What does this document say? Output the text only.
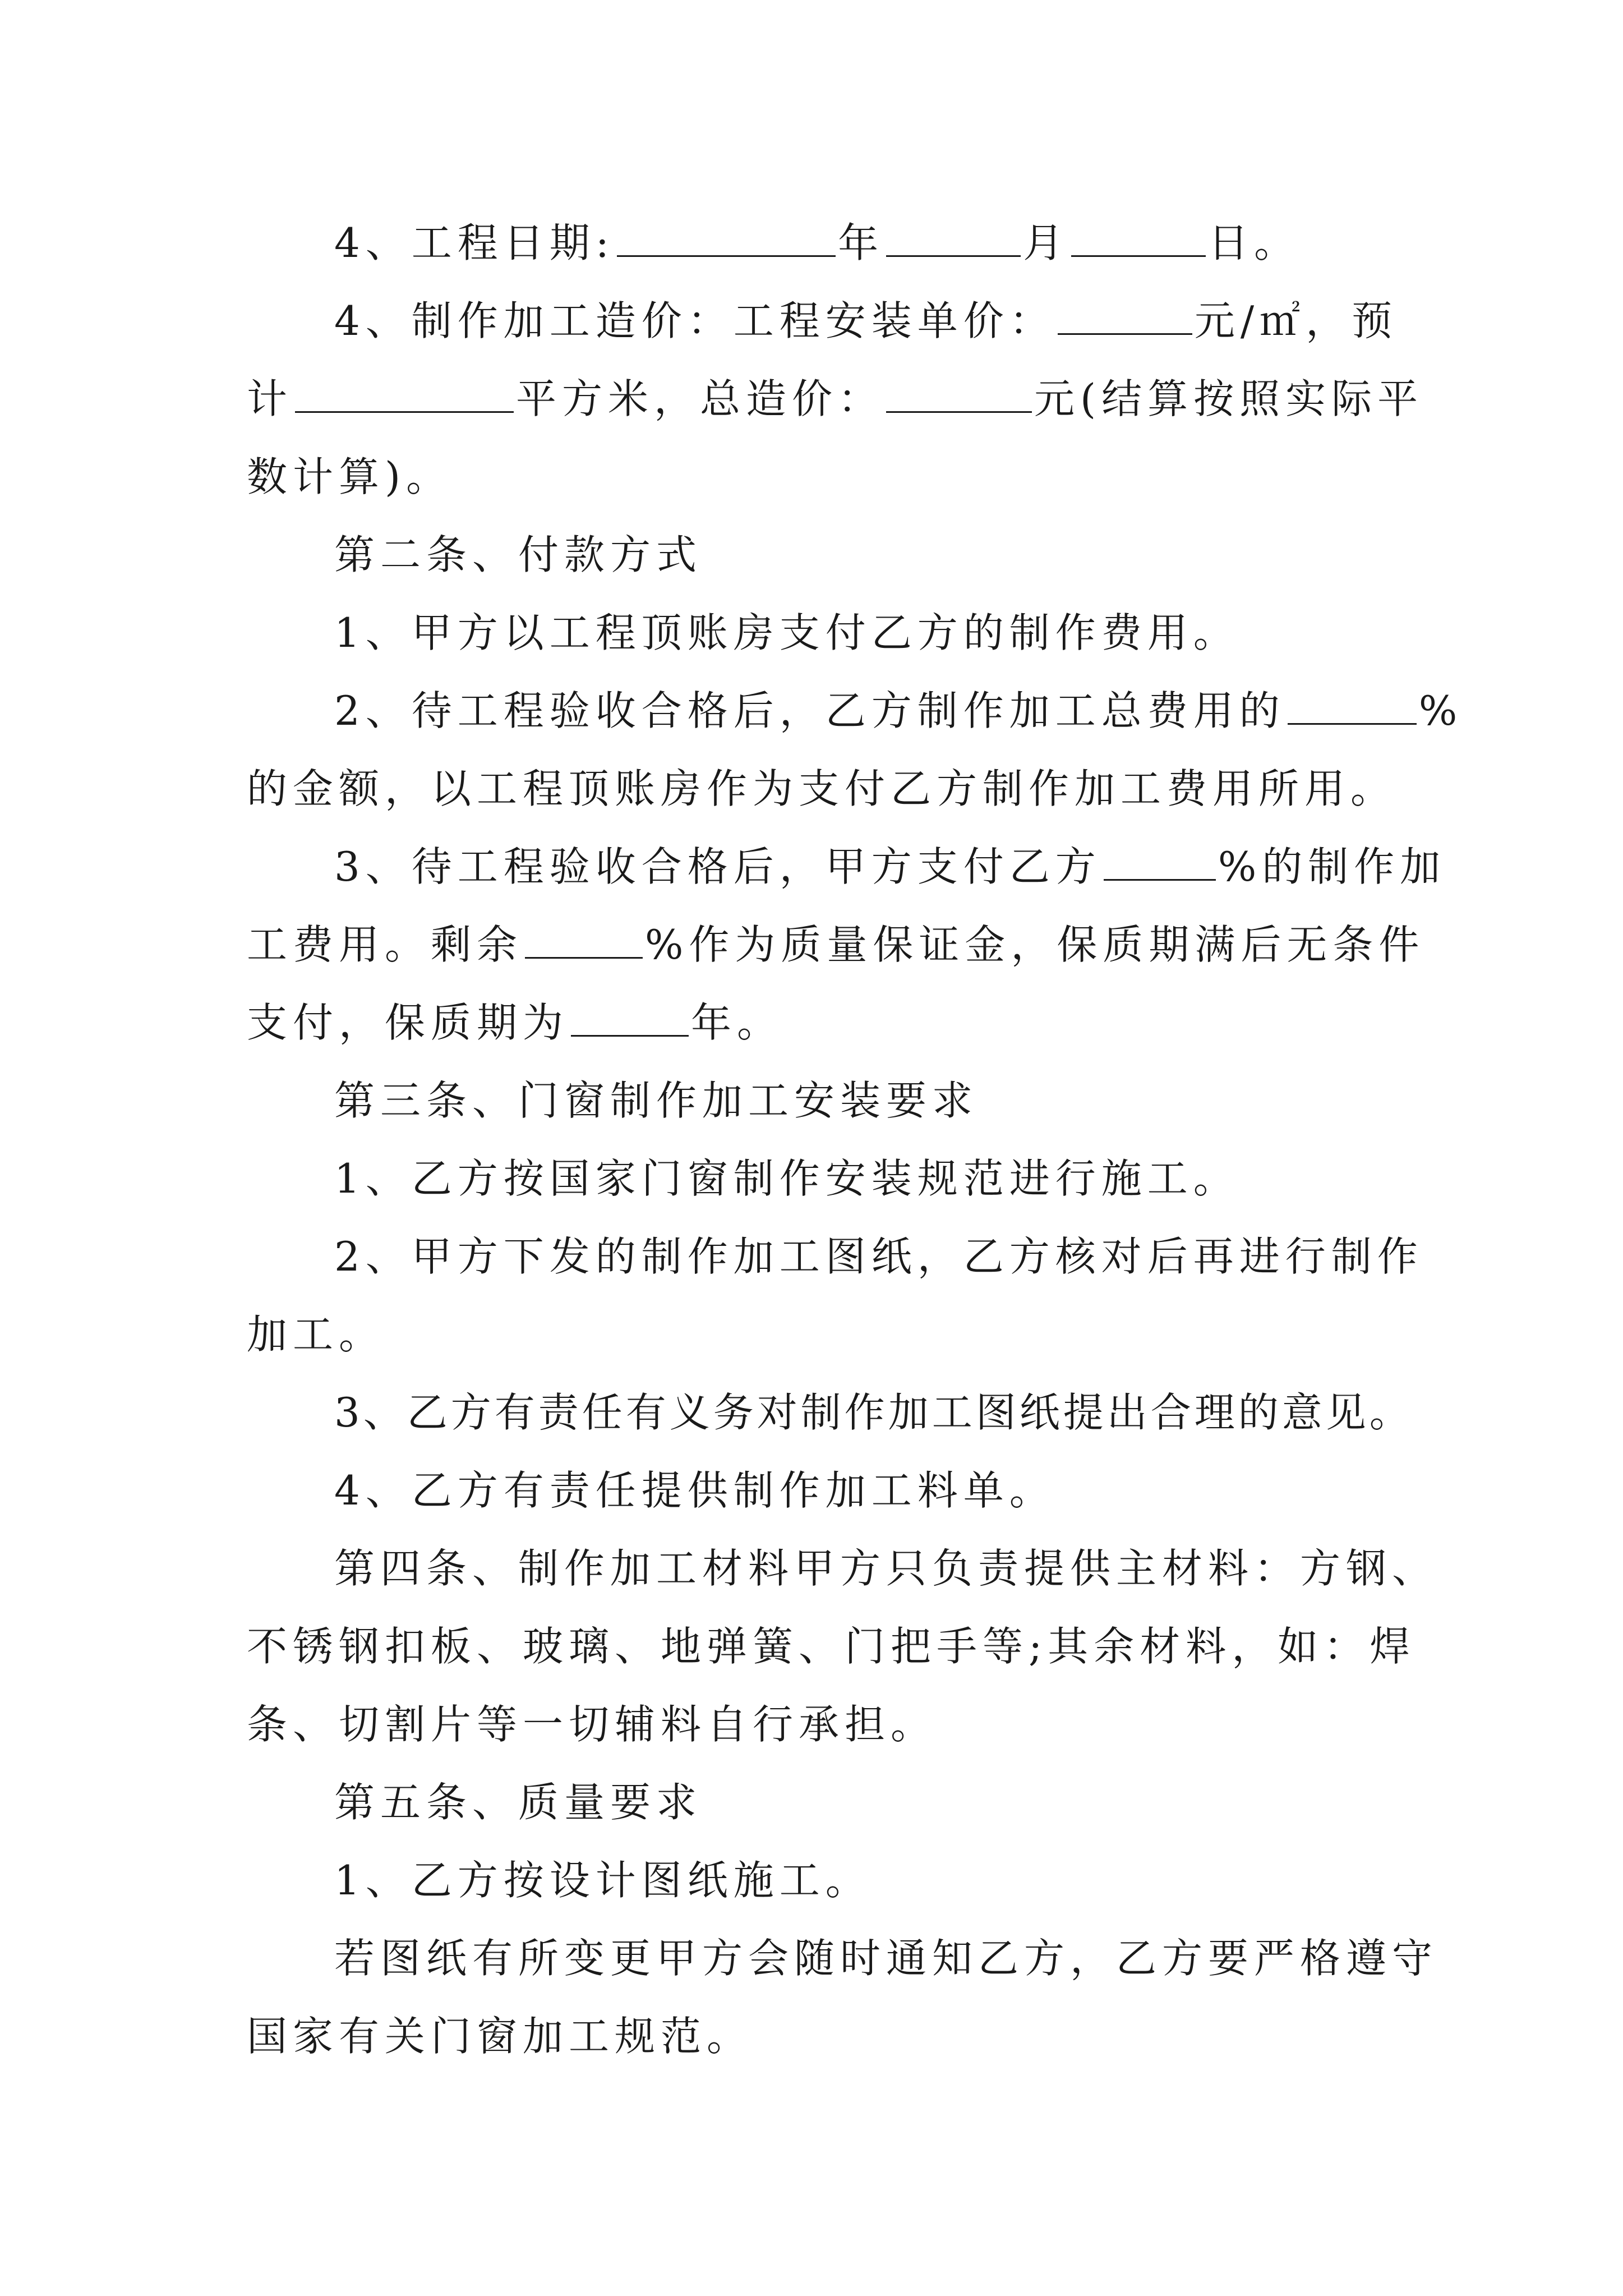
4、工程日期:	年	月	日。
4、制作加工造价：工程安装单价：	元/㎡，预
计	平方米，总造价：	元(结算按照实际平
数计算)。
第二条、付款方式
1、甲方以工程顶账房支付乙方的制作费用。
2、待工程验收合格后，乙方制作加工总费用的	%
的金额，以工程顶账房作为支付乙方制作加工费用所用。
3、待工程验收合格后，甲方支付乙方	%的制作加
工费用。剩余	%作为质量保证金，保质期满后无条件
支付，保质期为	年。
第三条、门窗制作加工安装要求
1、乙方按国家门窗制作安装规范进行施工。
2、甲方下发的制作加工图纸，乙方核对后再进行制作
加工。
3、乙方有责任有义务对制作加工图纸提出合理的意见。
4、乙方有责任提供制作加工料单。
第四条、制作加工材料甲方只负责提供主材料：方钢、
不锈钢扣板、玻璃、地弹簧、门把手等;其余材料，如：焊
条、切割片等一切辅料自行承担。
第五条、质量要求
1、乙方按设计图纸施工。
若图纸有所变更甲方会随时通知乙方，乙方要严格遵守
国家有关门窗加工规范。
